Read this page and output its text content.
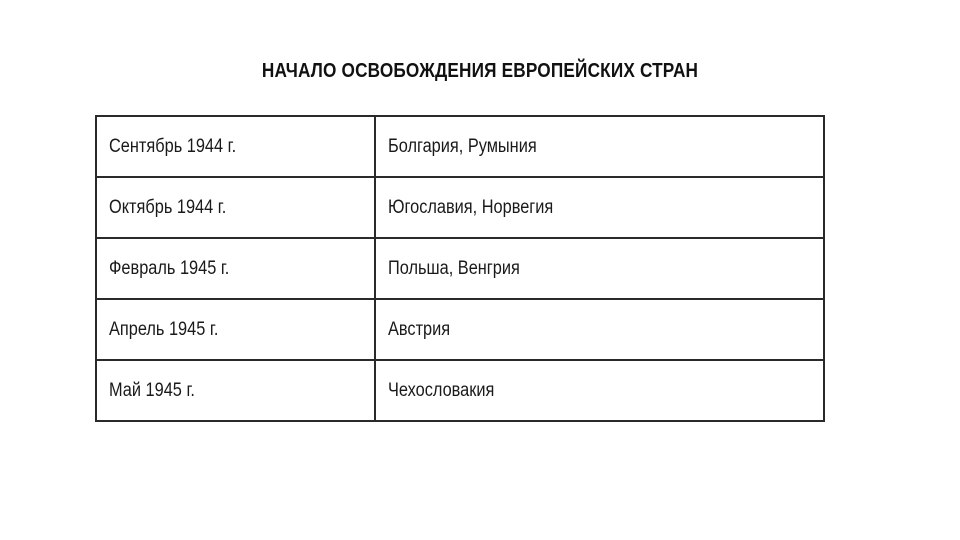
НАЧАЛО ОСВОБОЖДЕНИЯ ЕВРОПЕЙСКИХ СТРАН
Сентябрь 1944 г.	Болгария, Румыния
Октябрь 1944 г.	Югославия, Норвегия
Февраль 1945 г.	Польша, Венгрия
Апрель 1945 г.	Австрия
Май 1945 г.	Чехословакия
